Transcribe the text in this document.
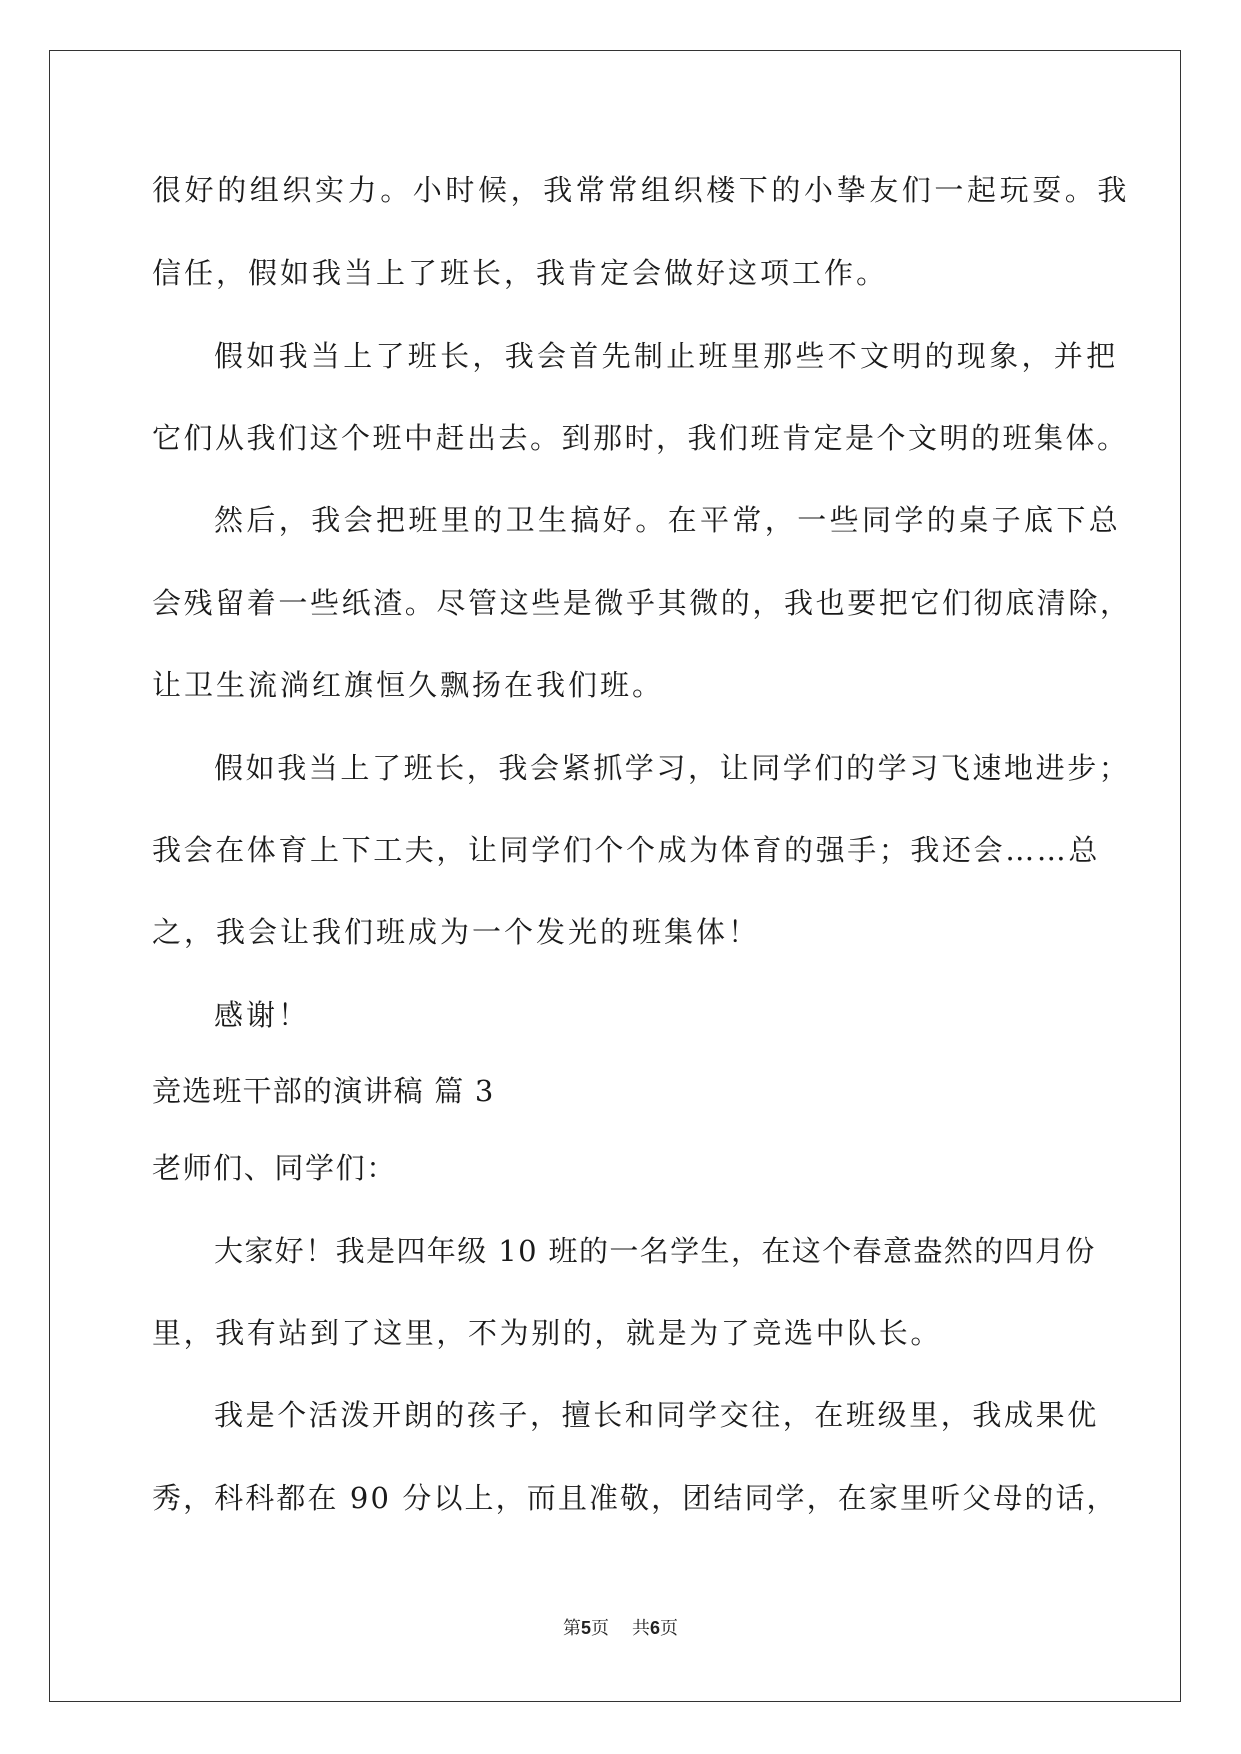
很好的组织实力。小时候，我常常组织楼下的小挚友们一起玩耍。我
信任，假如我当上了班长，我肯定会做好这项工作。
假如我当上了班长，我会首先制止班里那些不文明的现象，并把
它们从我们这个班中赶出去。到那时，我们班肯定是个文明的班集体。
然后，我会把班里的卫生搞好。在平常，一些同学的桌子底下总
会残留着一些纸渣。尽管这些是微乎其微的，我也要把它们彻底清除，
让卫生流淌红旗恒久飘扬在我们班。
假如我当上了班长，我会紧抓学习，让同学们的学习飞速地进步；
我会在体育上下工夫，让同学们个个成为体育的强手；我还会……总
之，我会让我们班成为一个发光的班集体！
感谢！
竞选班干部的演讲稿 篇 3
老师们、同学们：
大家好！我是四年级 10 班的一名学生，在这个春意盎然的四月份
里，我有站到了这里，不为别的，就是为了竞选中队长。
我是个活泼开朗的孩子，擅长和同学交往，在班级里，我成果优
秀，科科都在 90 分以上，而且准敬，团结同学，在家里听父母的话，
第5页 共6页
